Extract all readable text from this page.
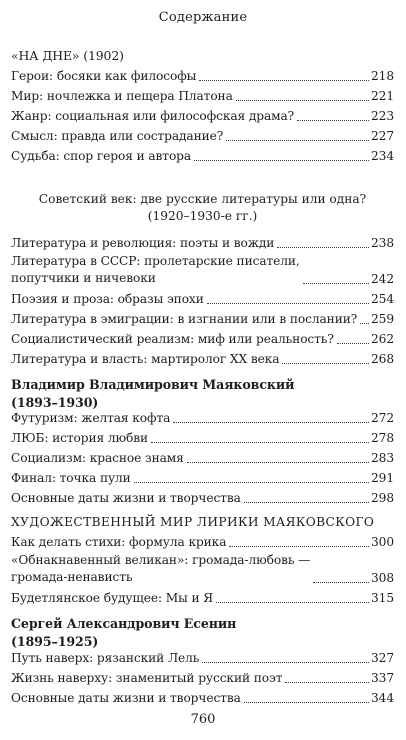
Содержание
«НА ДНЕ» (1902)
Герои: босяки как философы	218
Мир: ночлежка и пещера Платона	221
Жанр: социальная или философская драма?	223
Смысл: правда или сострадание?	227
Судьба: спор героя и автора	234
Советский век: две русские литературы или одна?
(1920–1930-е гг.)
Литература и революция: поэты и вожди	238
Литература в СССР: пролетарские писатели,
попутчики и ничевоки	242
Поэзия и проза: образы эпохи	254
Литература в эмиграции: в изгнании или в послании? 259
Социалистический реализм: миф или реальность?	262
Литература и власть: мартиролог XX века	268
Владимир Владимирович Маяковский
(1893–1930)
Футуризм: желтая кофта	272
ЛЮБ: история любви	278
Социализм: красное знамя	283
Финал: точка пули	291
Основные даты жизни и творчества	298
ХУДОЖЕСТВЕННЫЙ МИР ЛИРИКИ МАЯКОВСКОГО
Как делать стихи: формула крика	300
«Обнакнавенный великан»: громада-любовь —
громада-ненависть	308
Будетлянское будущее: Мы и Я	315
Сергей Александрович Есенин
(1895–1925)
Путь наверх: рязанский Лель	327
Жизнь наверху: знаменитый русский поэт	337
Основные даты жизни и творчества	344
760
